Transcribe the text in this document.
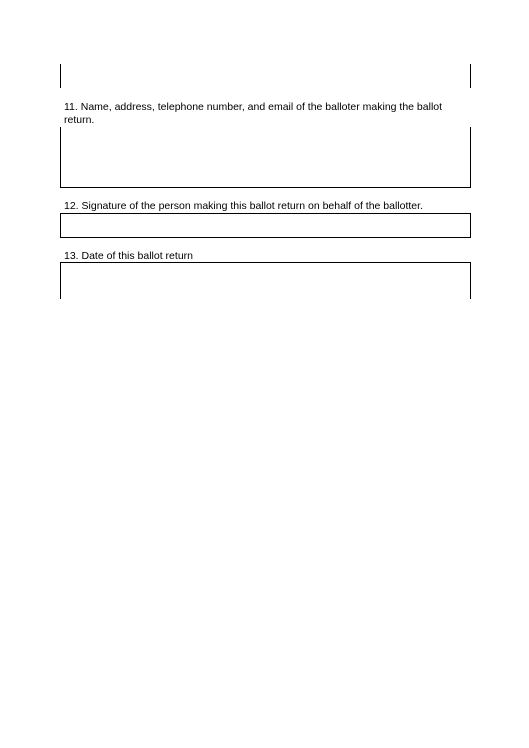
11. Name, address, telephone number, and email of the balloter making the ballot
return.
12. Signature of the person making this ballot return on behalf of the ballotter.
13. Date of this ballot return
